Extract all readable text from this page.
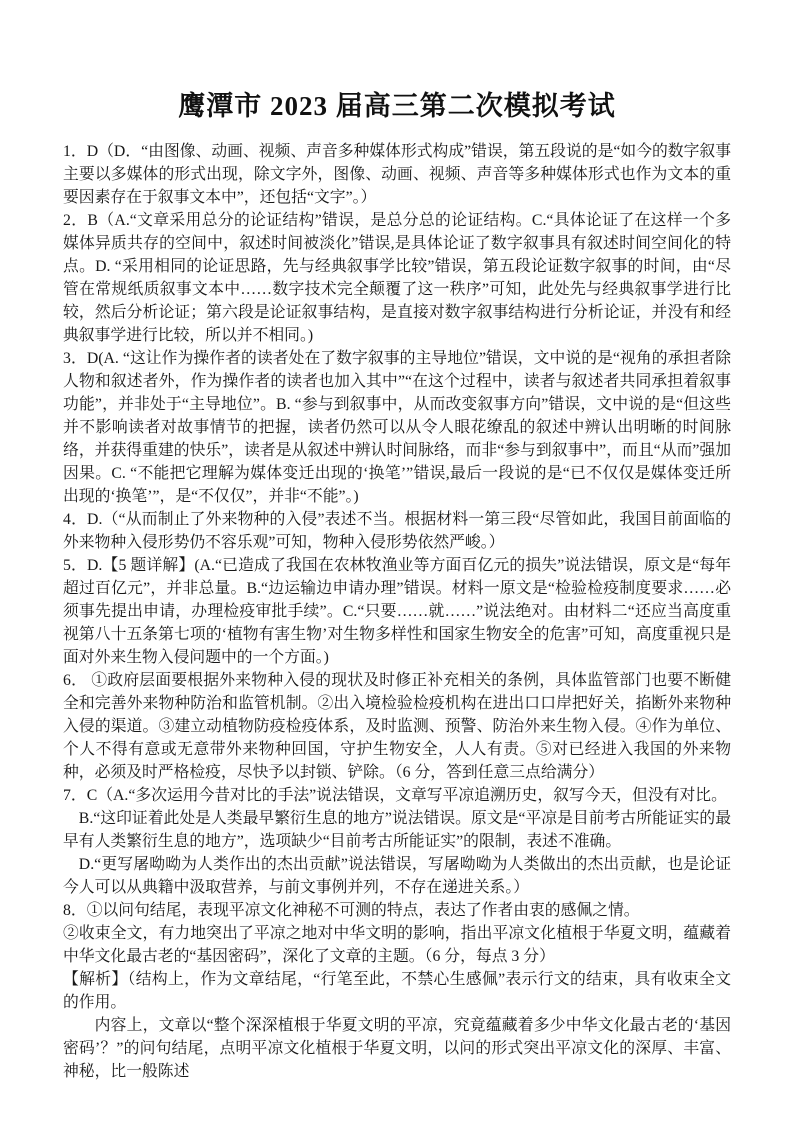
鹰潭市 2023 届高三第二次模拟考试

1．D（D．“由图像、动画、视频、声音多种媒体形式构成”错误，第五段说的是“如今的数字叙事主要以多媒体的形式出现，除文字外，图像、动画、视频、声音等多种媒体形式也作为文本的重要因素存在于叙事文本中”，还包括“文字”。）

2．B（A.“文章采用总分的论证结构”错误，是总分总的论证结构。C.“具体论证了在这样一个多媒体异质共存的空间中，叙述时间被淡化”错误,是具体论证了数字叙事具有叙述时间空间化的特点。D. “采用相同的论证思路，先与经典叙事学比较”错误，第五段论证数字叙事的时间，由“尽管在常规纸质叙事文本中……数字技术完全颠覆了这一秩序”可知，此处先与经典叙事学进行比较，然后分析论证；第六段是论证叙事结构，是直接对数字叙事结构进行分析论证，并没有和经典叙事学进行比较，所以并不相同。)

3．D(A. “这让作为操作者的读者处在了数字叙事的主导地位”错误，文中说的是“视角的承担者除人物和叙述者外，作为操作者的读者也加入其中”“在这个过程中，读者与叙述者共同承担着叙事功能”，并非处于“主导地位”。B. “参与到叙事中，从而改变叙事方向”错误，文中说的是“但这些并不影响读者对故事情节的把握，读者仍然可以从令人眼花缭乱的叙述中辨认出明晰的时间脉络，并获得重建的快乐”，读者是从叙述中辨认时间脉络，而非“参与到叙事中”，而且“从而”强加因果。C. “不能把它理解为媒体变迁出现的‘换笔’”错误,最后一段说的是“已不仅仅是媒体变迁所出现的‘换笔’”，是“不仅仅”，并非“不能”。)

4．D.（“从而制止了外来物种的入侵”表述不当。根据材料一第三段“尽管如此，我国目前面临的外来物种入侵形势仍不容乐观”可知，物种入侵形势依然严峻。）

5．D.【5 题详解】(A.“已造成了我国在农林牧渔业等方面百亿元的损失”说法错误，原文是“每年超过百亿元”，并非总量。B.“边运输边申请办理”错误。材料一原文是“检验检疫制度要求……必须事先提出申请，办理检疫审批手续”。C.“只要……就……”说法绝对。由材料二“还应当高度重视第八十五条第七项的‘植物有害生物’对生物多样性和国家生物安全的危害”可知，高度重视只是面对外来生物入侵问题中的一个方面。)

6． ①政府层面要根据外来物种入侵的现状及时修正补充相关的条例，具体监管部门也要不断健全和完善外来物种防治和监管机制。②出入境检验检疫机构在进出口口岸把好关，掐断外来物种入侵的渠道。③建立动植物防疫检疫体系，及时监测、预警、防治外来生物入侵。④作为单位、个人不得有意或无意带外来物种回国，守护生物安全，人人有责。⑤对已经进入我国的外来物种，必须及时严格检疫，尽快予以封锁、铲除。（6 分，答到任意三点给满分）

7．C（A.“多次运用今昔对比的手法”说法错误，文章写平凉追溯历史，叙写今天，但没有对比。

B.“这印证着此处是人类最早繁衍生息的地方”说法错误。原文是“平凉是目前考古所能证实的最早有人类繁衍生息的地方”，选项缺少“目前考古所能证实”的限制，表述不准确。

D.“更写屠呦呦为人类作出的杰出贡献”说法错误，写屠呦呦为人类做出的杰出贡献，也是论证今人可以从典籍中汲取营养，与前文事例并列，不存在递进关系。）

8．①以问句结尾，表现平凉文化神秘不可测的特点，表达了作者由衷的感佩之情。

②收束全文，有力地突出了平凉之地对中华文明的影响，指出平凉文化植根于华夏文明，蕴藏着中华文化最古老的“基因密码”，深化了文章的主题。（6 分，每点 3 分）

【解析】（结构上，作为文章结尾，“行笔至此，不禁心生感佩”表示行文的结束，具有收束全文的作用。

内容上，文章以“整个深深植根于华夏文明的平凉，究竟蕴藏着多少中华文化最古老的‘基因密码’？”的问句结尾，点明平凉文化植根于华夏文明，以问的形式突出平凉文化的深厚、丰富、神秘，比一般陈述
